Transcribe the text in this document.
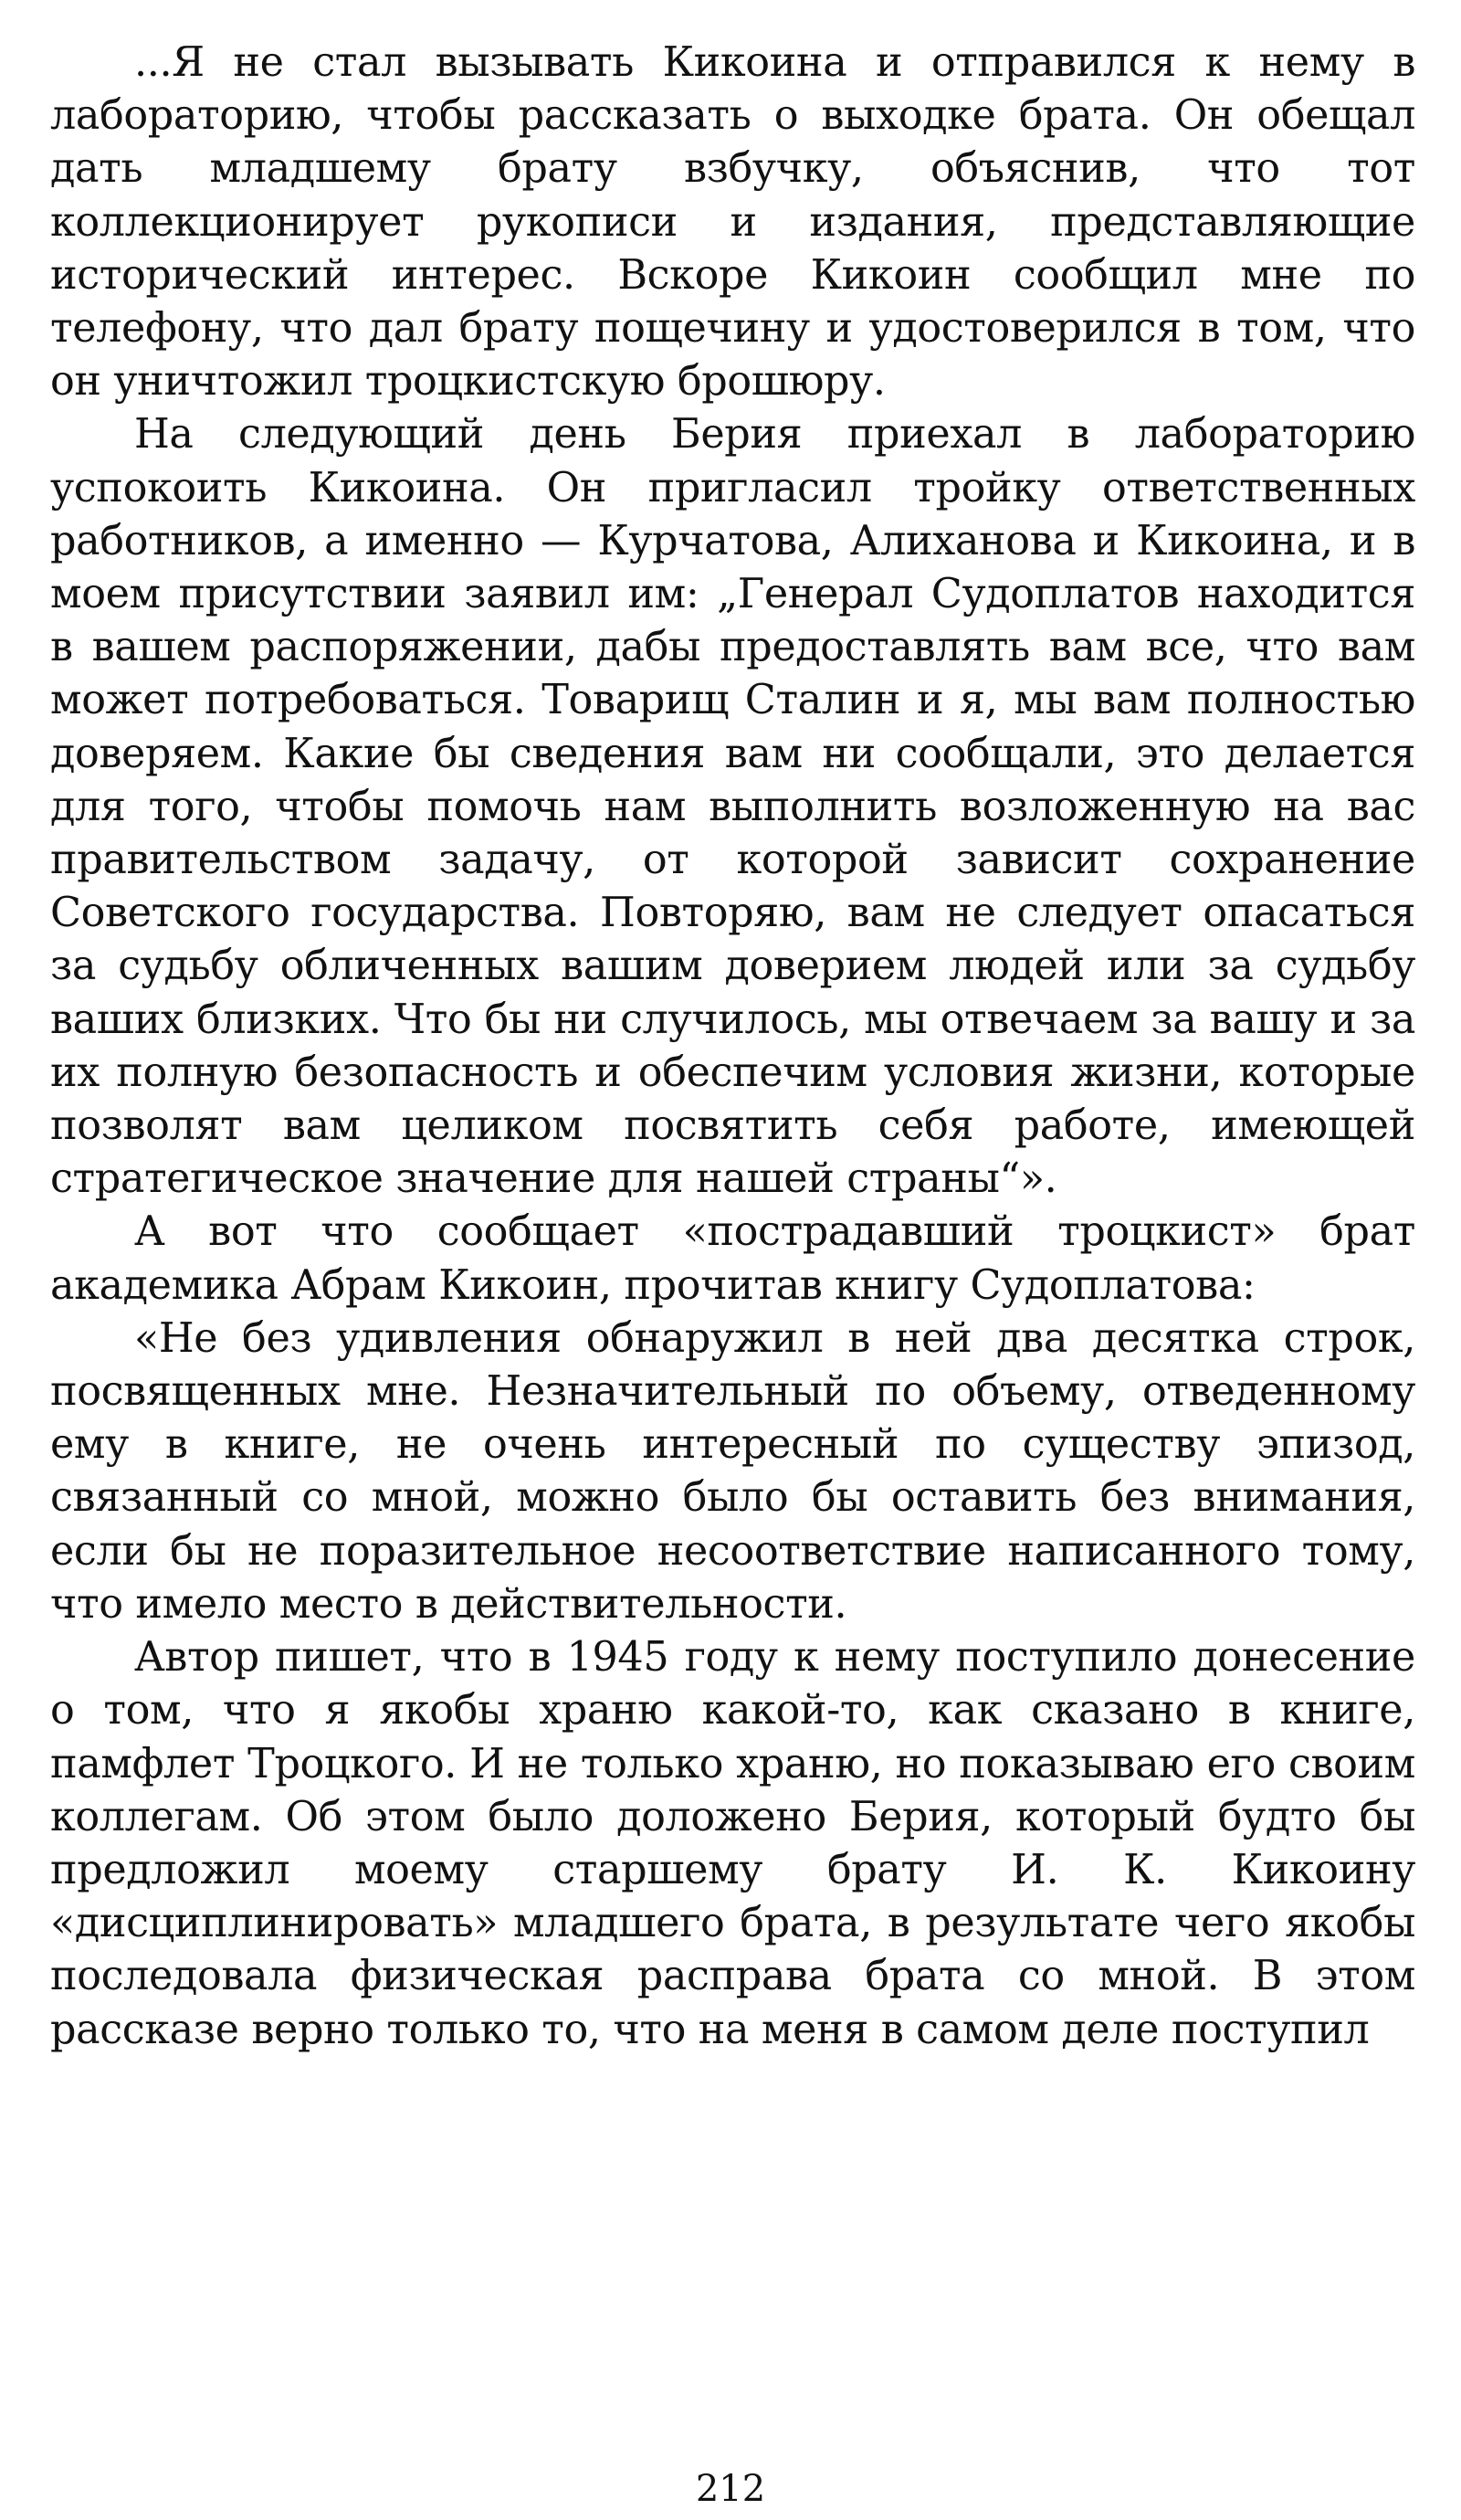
...Я не стал вызывать Кикоина и отправился к нему в лабораторию, чтобы рассказать о выходке брата. Он обещал дать младшему брату взбучку, объяснив, что тот коллекционирует рукописи и издания, представляющие исторический интерес. Вскоре Кикоин сообщил мне по телефону, что дал брату пощечину и удостоверился в том, что он уничтожил троцкистскую брошюру.

На следующий день Берия приехал в лабораторию успокоить Кикоина. Он пригласил тройку ответственных работников, а именно — Курчатова, Алиханова и Кикоина, и в моем присутствии заявил им: „Генерал Судоплатов находится в вашем распоряжении, дабы предоставлять вам все, что вам может потребоваться. Товарищ Сталин и я, мы вам полностью доверяем. Какие бы сведения вам ни сообщали, это делается для того, чтобы помочь нам выполнить возложенную на вас правительством задачу, от которой зависит сохранение Советского государства. Повторяю, вам не следует опасаться за судьбу обличенных вашим доверием людей или за судьбу ваших близких. Что бы ни случилось, мы отвечаем за вашу и за их полную безопасность и обеспечим условия жизни, которые позволят вам целиком посвятить себя работе, имеющей стратегическое значение для нашей страны“».

А вот что сообщает «пострадавший троцкист» брат академика Абрам Кикоин, прочитав книгу Судоплатова:

«Не без удивления обнаружил в ней два десятка строк, посвященных мне. Незначительный по объему, отведенному ему в книге, не очень интересный по существу эпизод, связанный со мной, можно было бы оставить без внимания, если бы не поразительное несоответствие написанного тому, что имело место в действительности.

Автор пишет, что в 1945 году к нему поступило донесение о том, что я якобы храню какой-то, как сказано в книге, памфлет Троцкого. И не только храню, но показываю его своим коллегам. Об этом было доложено Берия, который будто бы предложил моему старшему брату И. К. Кикоину «дисциплинировать» младшего брата, в результате чего якобы последовала физическая расправа брата со мной. В этом рассказе верно только то, что на меня в самом деле поступил

212
